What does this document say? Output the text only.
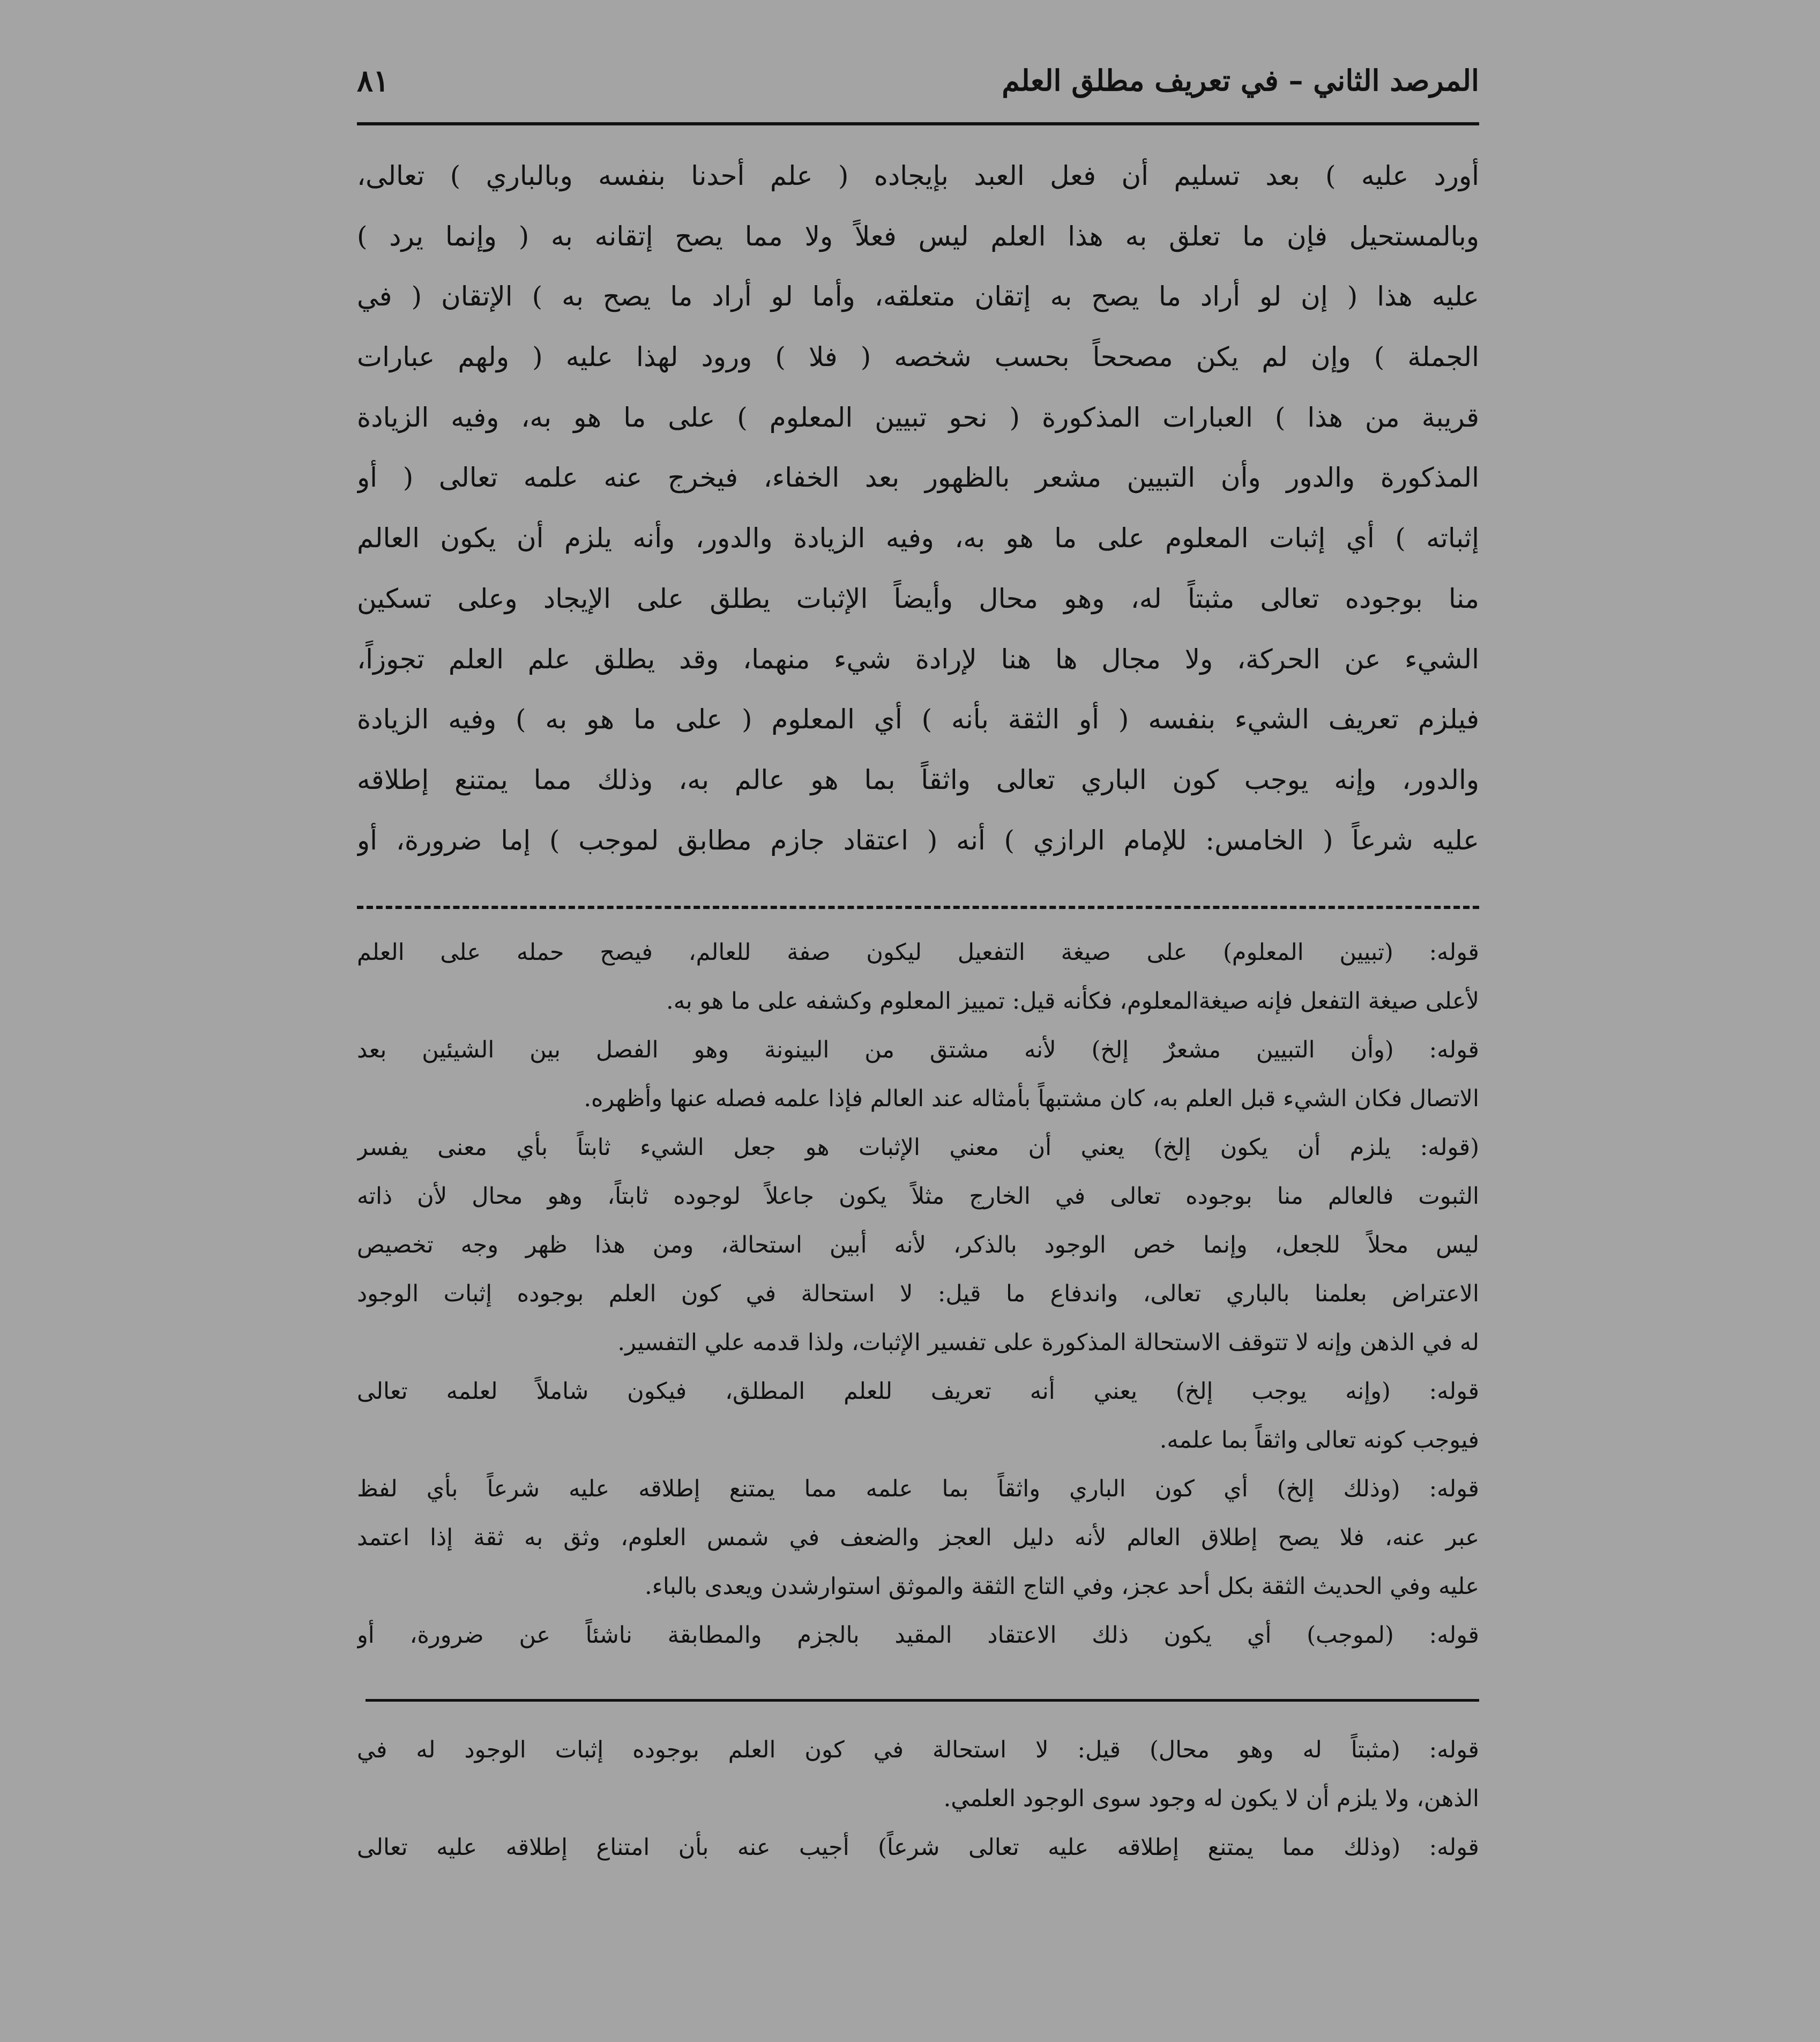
المرصد الثاني – في تعريف مطلق العلم
٨١
أورد عليه ) بعد تسليم أن فعل العبد بإيجاده ( علم أحدنا بنفسه وبالباري ) تعالى،
وبالمستحيل فإن ما تعلق به هذا العلم ليس فعلاً ولا مما يصح إتقانه به ( وإنما يرد )
عليه هذا ( إن لو أراد ما يصح به إتقان متعلقه، وأما لو أراد ما يصح به ) الإتقان ( في
الجملة ) وإن لم يكن مصححاً بحسب شخصه ( فلا ) ورود لهذا عليه ( ولهم عبارات
قريبة من هذا ) العبارات المذكورة ( نحو تبيين المعلوم ) على ما هو به، وفيه الزيادة
المذكورة والدور وأن التبيين مشعر بالظهور بعد الخفاء، فيخرج عنه علمه تعالى ( أو
إثباته ) أي إثبات المعلوم على ما هو به، وفيه الزيادة والدور، وأنه يلزم أن يكون العالم
منا بوجوده تعالى مثبتاً له، وهو محال وأيضاً الإثبات يطلق على الإيجاد وعلى تسكين
الشيء عن الحركة، ولا مجال ها هنا لإرادة شيء منهما، وقد يطلق علم العلم تجوزاً،
فيلزم تعريف الشيء بنفسه ( أو الثقة بأنه ) أي المعلوم ( على ما هو به ) وفيه الزيادة
والدور، وإنه يوجب كون الباري تعالى واثقاً بما هو عالم به، وذلك مما يمتنع إطلاقه
عليه شرعاً ( الخامس: للإمام الرازي ) أنه ( اعتقاد جازم مطابق لموجب ) إما ضرورة، أو
قوله: (تبيين المعلوم) على صيغة التفعيل ليكون صفة للعالم، فيصح حمله على العلم
لأعلى صيغة التفعل فإنه صيغةالمعلوم، فكأنه قيل: تمييز المعلوم وكشفه على ما هو به.
قوله: (وأن التبيين مشعرٌ إلخ) لأنه مشتق من البينونة وهو الفصل بين الشيئين بعد
الاتصال فكان الشيء قبل العلم به، كان مشتبهاً بأمثاله عند العالم فإذا علمه فصله عنها وأظهره.
(قوله: يلزم أن يكون إلخ) يعني أن معني الإثبات هو جعل الشيء ثابتاً بأي معنى يفسر
الثبوت فالعالم منا بوجوده تعالى في الخارج مثلاً يكون جاعلاً لوجوده ثابتاً، وهو محال لأن ذاته
ليس محلاً للجعل، وإنما خص الوجود بالذكر، لأنه أبين استحالة، ومن هذا ظهر وجه تخصيص
الاعتراض بعلمنا بالباري تعالى، واندفاع ما قيل: لا استحالة في كون العلم بوجوده إثبات الوجود
له في الذهن وإنه لا تتوقف الاستحالة المذكورة على تفسير الإثبات، ولذا قدمه علي التفسير.
قوله: (وإنه يوجب إلخ) يعني أنه تعريف للعلم المطلق، فيكون شاملاً لعلمه تعالى
فيوجب كونه تعالى واثقاً بما علمه.
قوله: (وذلك إلخ) أي كون الباري واثقاً بما علمه مما يمتنع إطلاقه عليه شرعاً بأي لفظ
عبر عنه، فلا يصح إطلاق العالم لأنه دليل العجز والضعف في شمس العلوم، وثق به ثقة إذا اعتمد
عليه وفي الحديث الثقة بكل أحد عجز، وفي التاج الثقة والموثق استوارشدن ويعدى بالباء.
قوله: (لموجب) أي يكون ذلك الاعتقاد المقيد بالجزم والمطابقة ناشئاً عن ضرورة، أو
قوله: (مثبتاً له وهو محال) قيل: لا استحالة في كون العلم بوجوده إثبات الوجود له في
الذهن، ولا يلزم أن لا يكون له وجود سوى الوجود العلمي.
قوله: (وذلك مما يمتنع إطلاقه عليه تعالى شرعاً) أجيب عنه بأن امتناع إطلاقه عليه تعالى
